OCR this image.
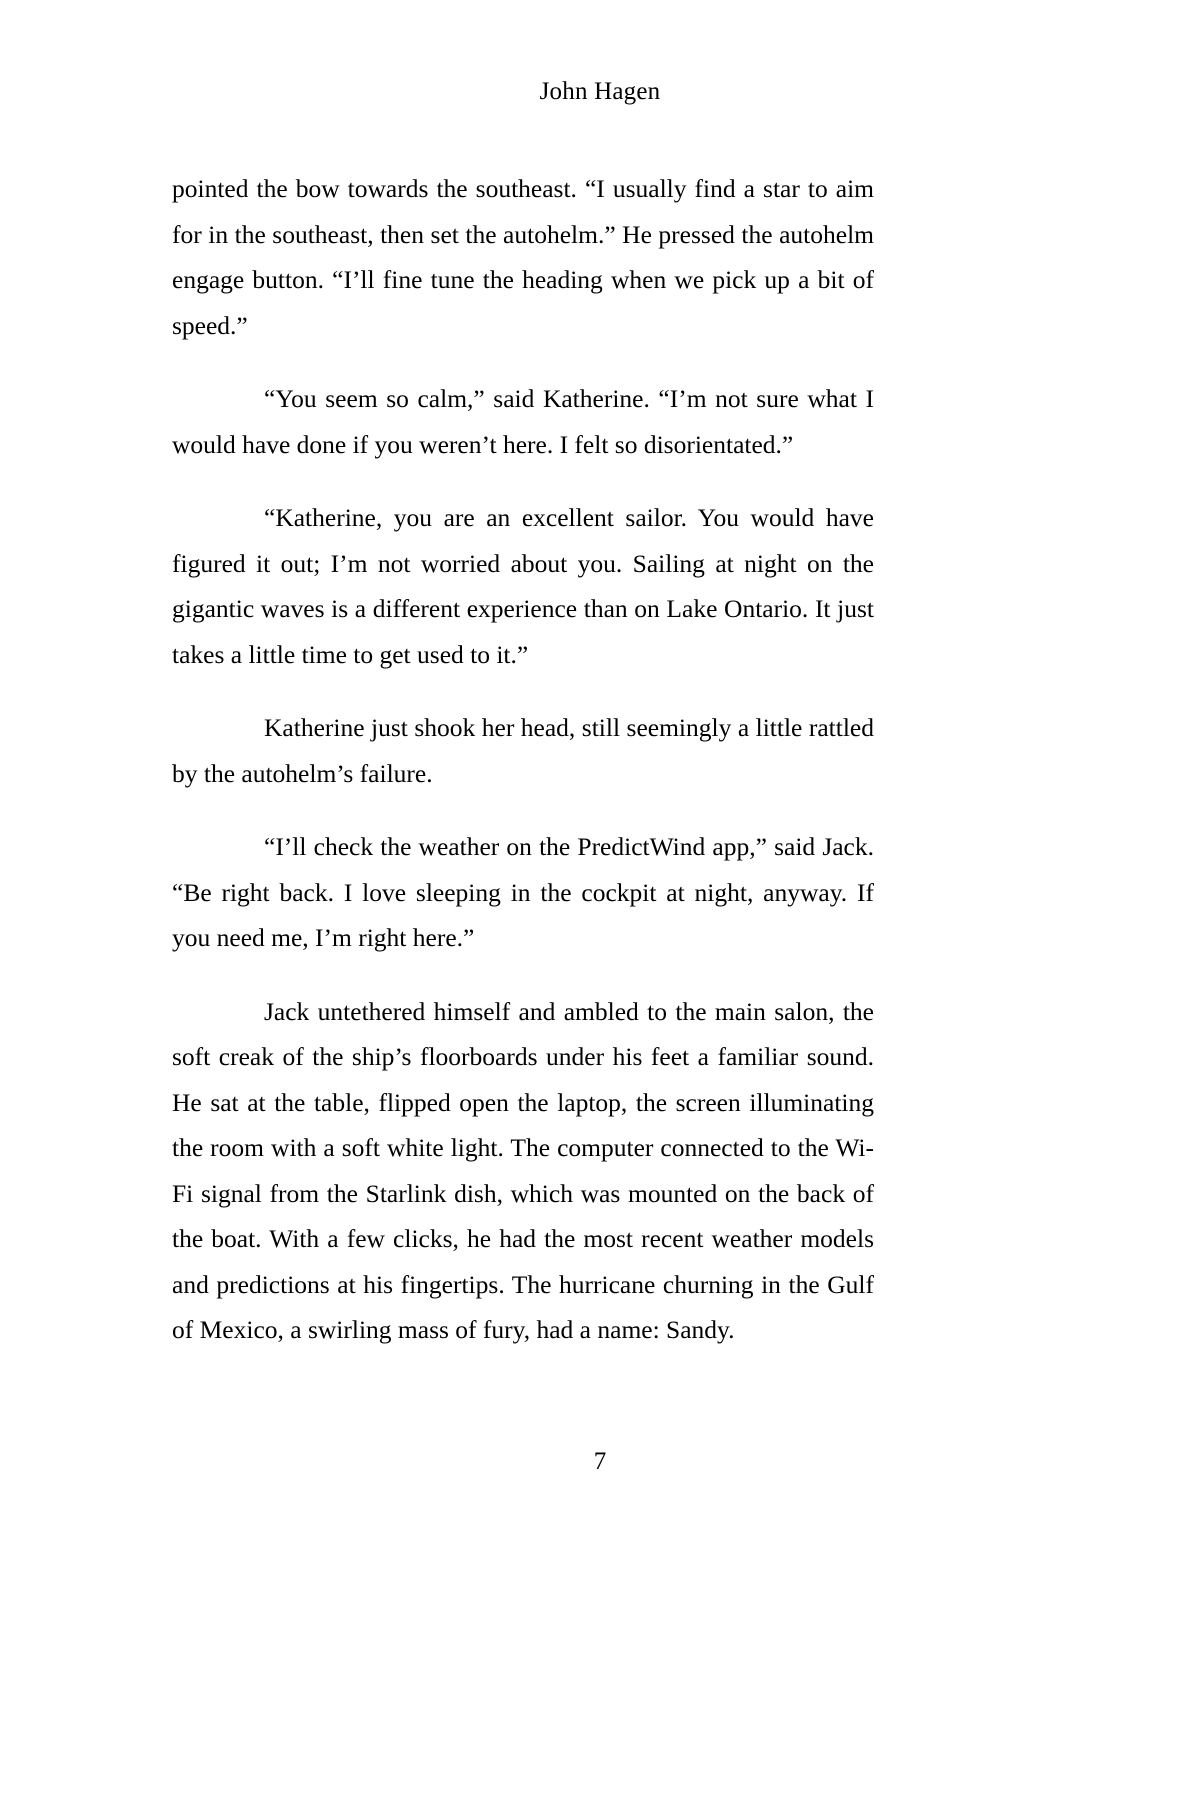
John Hagen

pointed the bow towards the southeast. “I usually find a star to aim for in the southeast, then set the autohelm.” He pressed the autohelm engage button. “I’ll fine tune the heading when we pick up a bit of speed.”

“You seem so calm,” said Katherine. “I’m not sure what I would have done if you weren’t here. I felt so disorientated.”

“Katherine, you are an excellent sailor. You would have figured it out; I’m not worried about you. Sailing at night on the gigantic waves is a different experience than on Lake Ontario. It just takes a little time to get used to it.”

Katherine just shook her head, still seemingly a little rattled by the autohelm’s failure.

“I’ll check the weather on the PredictWind app,” said Jack. “Be right back. I love sleeping in the cockpit at night, anyway. If you need me, I’m right here.”

Jack untethered himself and ambled to the main salon, the soft creak of the ship’s floorboards under his feet a familiar sound. He sat at the table, flipped open the laptop, the screen illuminating the room with a soft white light. The computer connected to the Wi-Fi signal from the Starlink dish, which was mounted on the back of the boat. With a few clicks, he had the most recent weather models and predictions at his fingertips. The hurricane churning in the Gulf of Mexico, a swirling mass of fury, had a name: Sandy.

7
